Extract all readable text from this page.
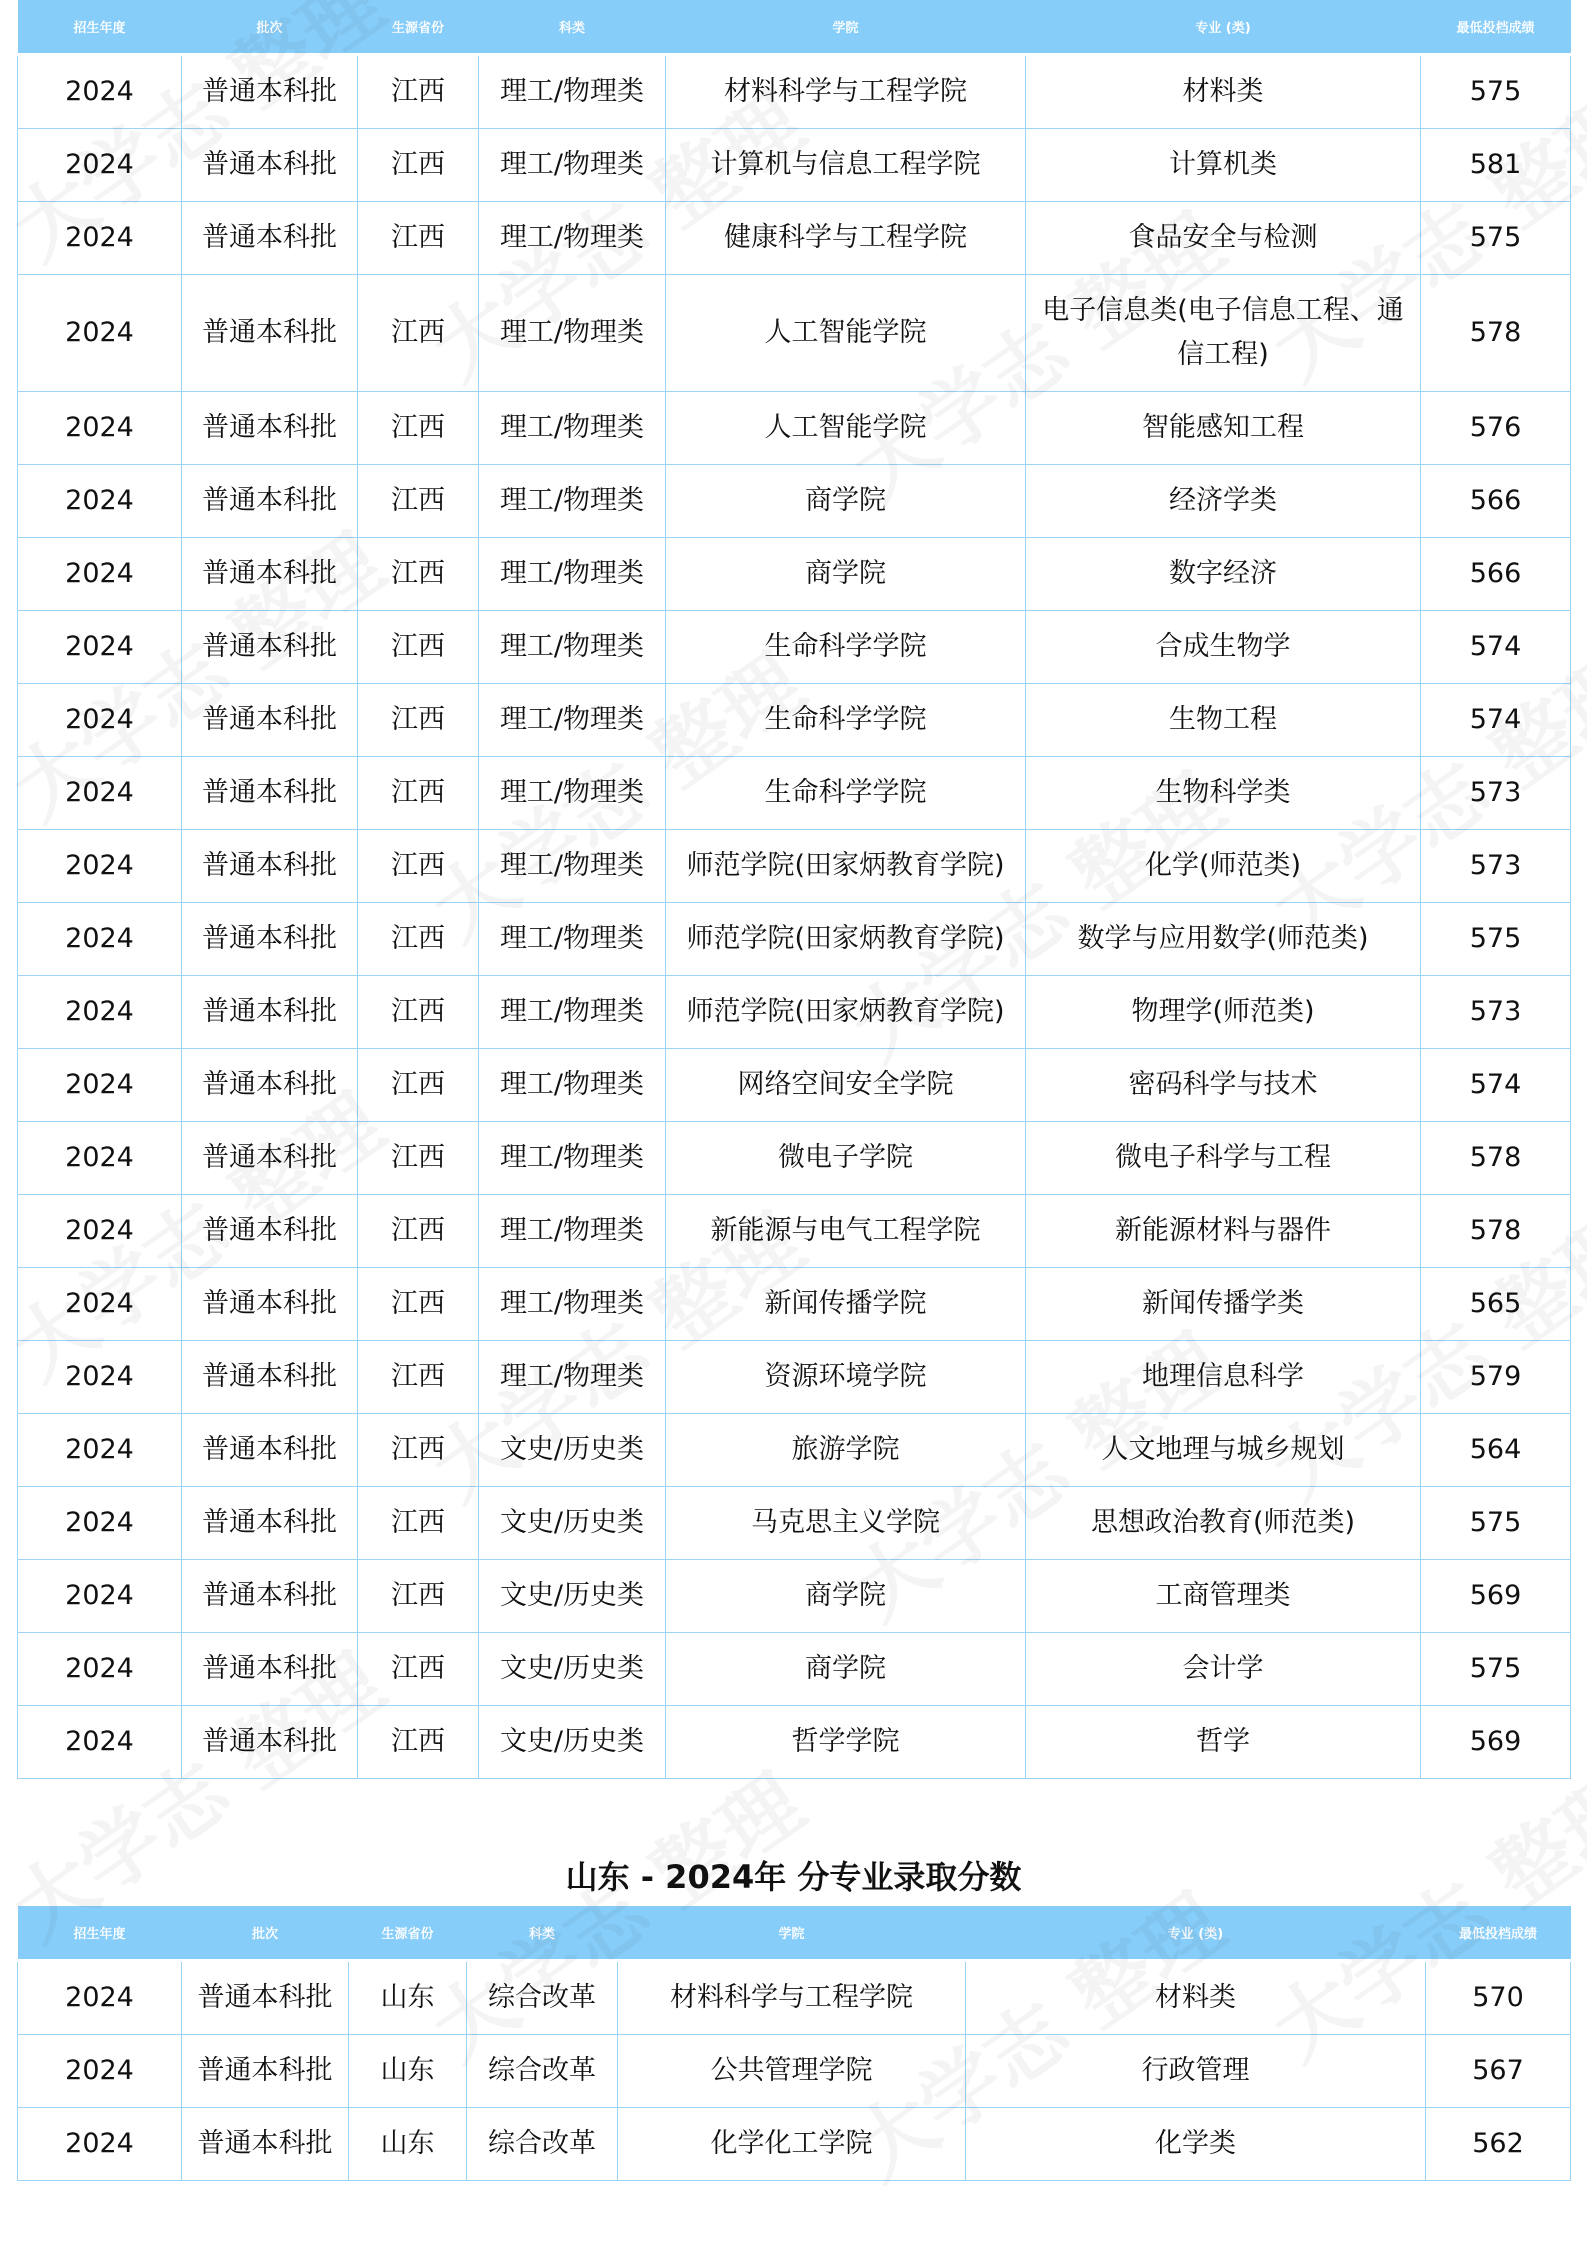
招生年度	批次	生源省份	科类	学院	专业 (类)	最低投档成绩
2024	普通本科批	江西	理工/物理类	材料科学与工程学院	材料类	575
2024	普通本科批	江西	理工/物理类	计算机与信息工程学院	计算机类	581
2024	普通本科批	江西	理工/物理类	健康科学与工程学院	食品安全与检测	575
2024	普通本科批	江西	理工/物理类	人工智能学院	电子信息类(电子信息工程、通信工程)	578
2024	普通本科批	江西	理工/物理类	人工智能学院	智能感知工程	576
2024	普通本科批	江西	理工/物理类	商学院	经济学类	566
2024	普通本科批	江西	理工/物理类	商学院	数字经济	566
2024	普通本科批	江西	理工/物理类	生命科学学院	合成生物学	574
2024	普通本科批	江西	理工/物理类	生命科学学院	生物工程	574
2024	普通本科批	江西	理工/物理类	生命科学学院	生物科学类	573
2024	普通本科批	江西	理工/物理类	师范学院(田家炳教育学院)	化学(师范类)	573
2024	普通本科批	江西	理工/物理类	师范学院(田家炳教育学院)	数学与应用数学(师范类)	575
2024	普通本科批	江西	理工/物理类	师范学院(田家炳教育学院)	物理学(师范类)	573
2024	普通本科批	江西	理工/物理类	网络空间安全学院	密码科学与技术	574
2024	普通本科批	江西	理工/物理类	微电子学院	微电子科学与工程	578
2024	普通本科批	江西	理工/物理类	新能源与电气工程学院	新能源材料与器件	578
2024	普通本科批	江西	理工/物理类	新闻传播学院	新闻传播学类	565
2024	普通本科批	江西	理工/物理类	资源环境学院	地理信息科学	579
2024	普通本科批	江西	文史/历史类	旅游学院	人文地理与城乡规划	564
2024	普通本科批	江西	文史/历史类	马克思主义学院	思想政治教育(师范类)	575
2024	普通本科批	江西	文史/历史类	商学院	工商管理类	569
2024	普通本科批	江西	文史/历史类	商学院	会计学	575
2024	普通本科批	江西	文史/历史类	哲学学院	哲学	569
山东 - 2024年 分专业录取分数
招生年度	批次	生源省份	科类	学院	专业 (类)	最低投档成绩
2024	普通本科批	山东	综合改革	材料科学与工程学院	材料类	570
2024	普通本科批	山东	综合改革	公共管理学院	行政管理	567
2024	普通本科批	山东	综合改革	化学化工学院	化学类	562
